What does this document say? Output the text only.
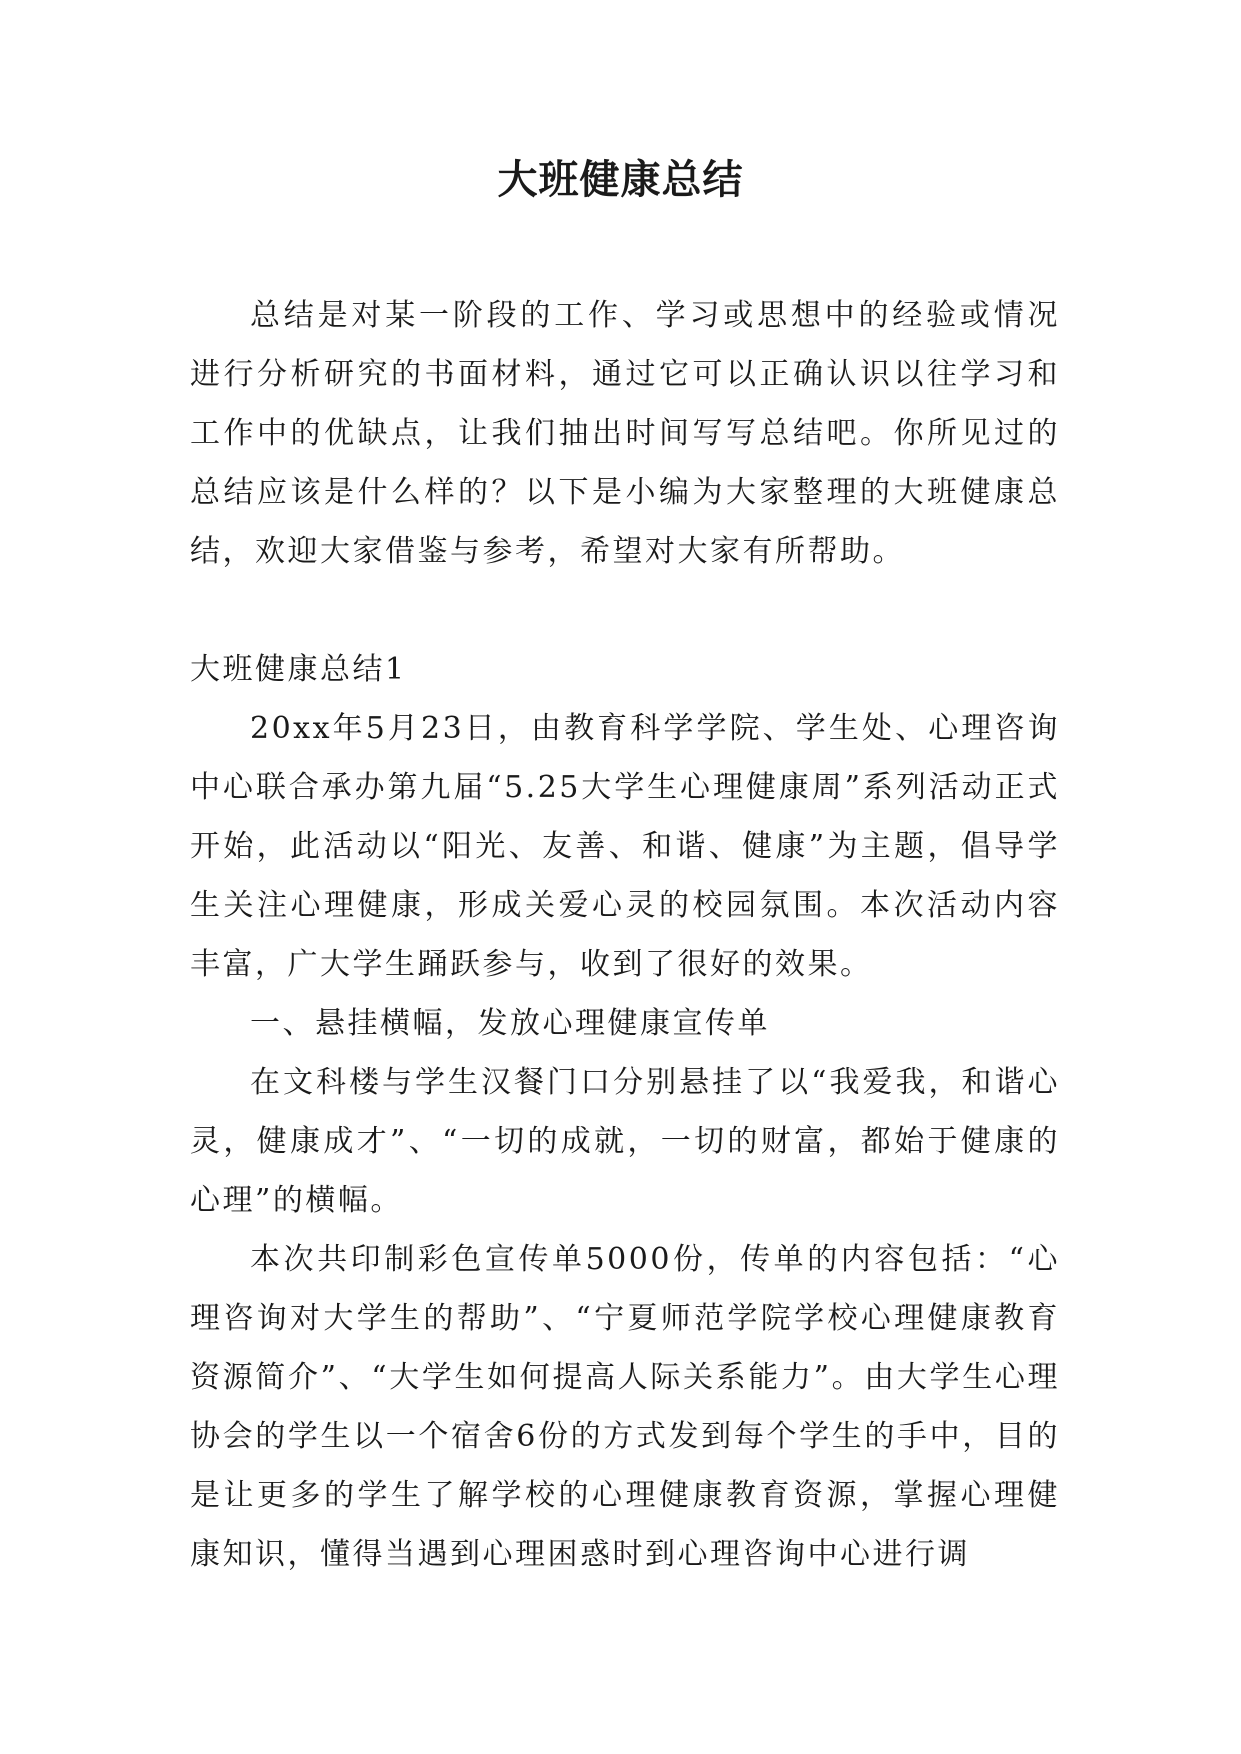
大班健康总结

总结是对某一阶段的工作、学习或思想中的经验或情况进行分析研究的书面材料，通过它可以正确认识以往学习和工作中的优缺点，让我们抽出时间写写总结吧。你所见过的总结应该是什么样的？以下是小编为大家整理的大班健康总结，欢迎大家借鉴与参考，希望对大家有所帮助。

大班健康总结1

20xx年5月23日，由教育科学学院、学生处、心理咨询中心联合承办第九届“5.25大学生心理健康周”系列活动正式开始，此活动以“阳光、友善、和谐、健康”为主题，倡导学生关注心理健康，形成关爱心灵的校园氛围。本次活动内容丰富，广大学生踊跃参与，收到了很好的效果。

一、悬挂横幅，发放心理健康宣传单

在文科楼与学生汉餐门口分别悬挂了以“我爱我，和谐心灵，健康成才”、“一切的成就，一切的财富，都始于健康的心理”的横幅。

本次共印制彩色宣传单5000份，传单的内容包括：“心理咨询对大学生的帮助”、“宁夏师范学院学校心理健康教育资源简介”、“大学生如何提高人际关系能力”。由大学生心理协会的学生以一个宿舍6份的方式发到每个学生的手中，目的是让更多的学生了解学校的心理健康教育资源，掌握心理健康知识，懂得当遇到心理困惑时到心理咨询中心进行调
